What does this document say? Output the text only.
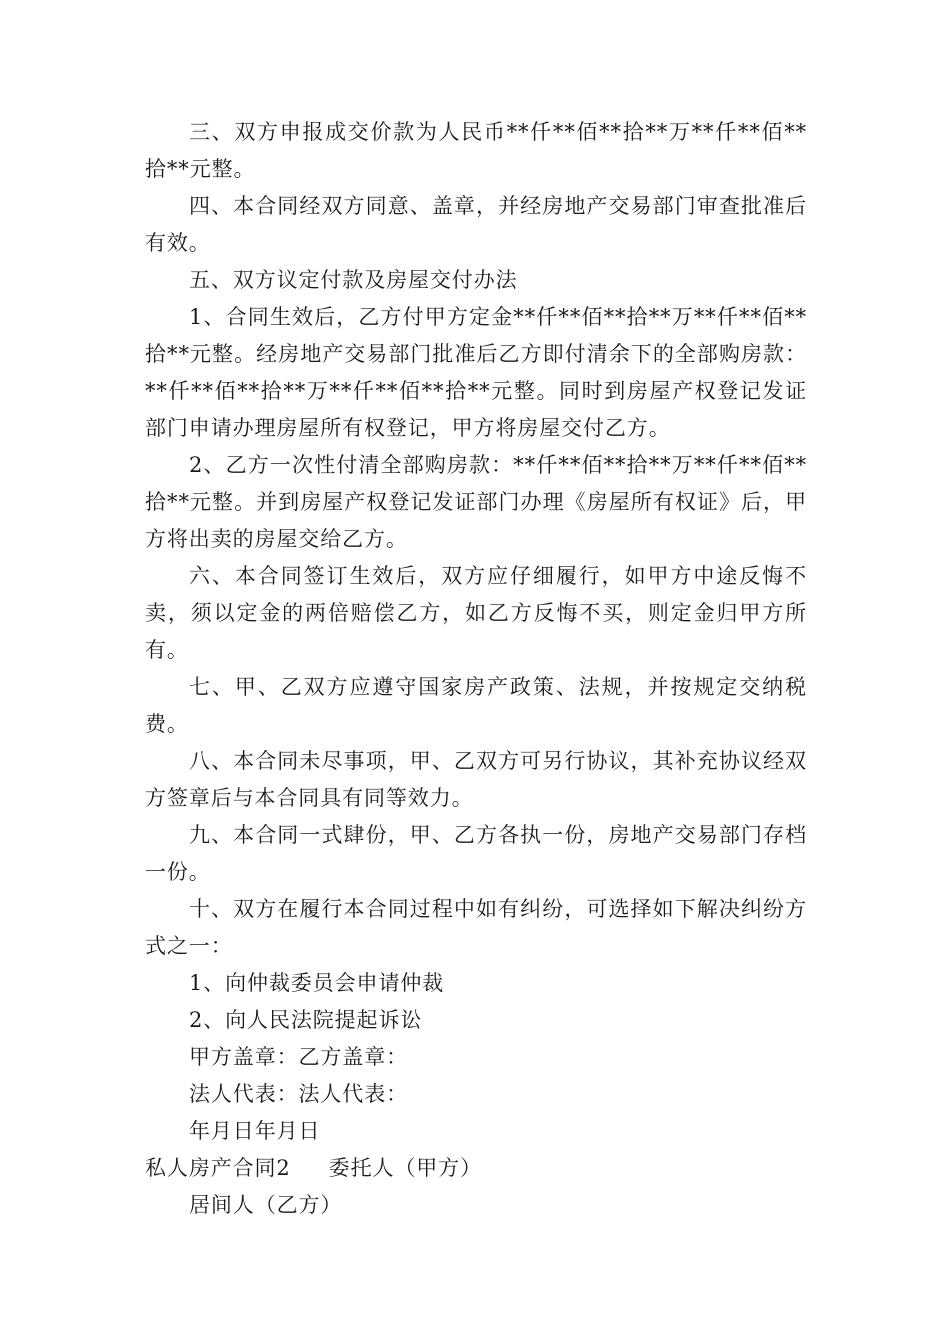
三、双方申报成交价款为人民币**仟**佰**拾**万**仟**佰**拾**元整。

四、本合同经双方同意、盖章，并经房地产交易部门审查批准后有效。

五、双方议定付款及房屋交付办法

1、合同生效后，乙方付甲方定金**仟**佰**拾**万**仟**佰**拾**元整。经房地产交易部门批准后乙方即付清余下的全部购房款：**仟**佰**拾**万**仟**佰**拾**元整。同时到房屋产权登记发证部门申请办理房屋所有权登记，甲方将房屋交付乙方。

2、乙方一次性付清全部购房款：**仟**佰**拾**万**仟**佰**拾**元整。并到房屋产权登记发证部门办理《房屋所有权证》后，甲方将出卖的房屋交给乙方。

六、本合同签订生效后，双方应仔细履行，如甲方中途反悔不卖，须以定金的两倍赔偿乙方，如乙方反悔不买，则定金归甲方所有。

七、甲、乙双方应遵守国家房产政策、法规，并按规定交纳税费。

八、本合同未尽事项，甲、乙双方可另行协议，其补充协议经双方签章后与本合同具有同等效力。

九、本合同一式肆份，甲、乙方各执一份，房地产交易部门存档一份。

十、双方在履行本合同过程中如有纠纷，可选择如下解决纠纷方式之一：

1、向仲裁委员会申请仲裁

2、向人民法院提起诉讼

甲方盖章：乙方盖章：

法人代表：法人代表：

年月日年月日

私人房产合同2 委托人（甲方）

居间人（乙方）
